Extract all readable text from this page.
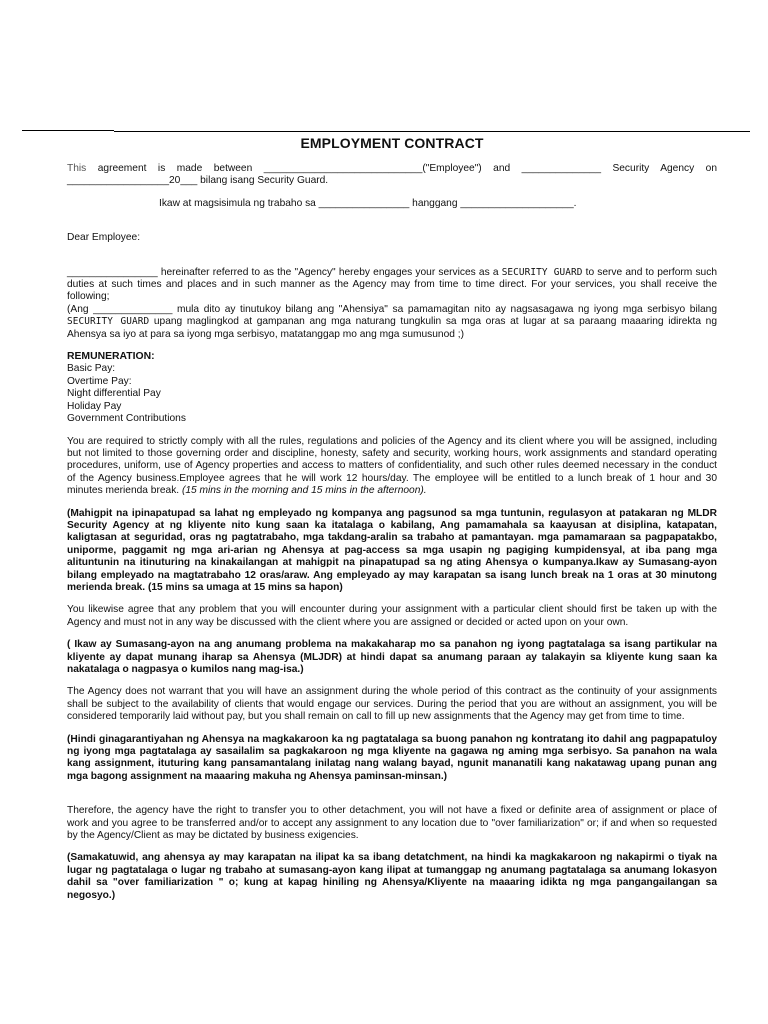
EMPLOYMENT CONTRACT

This agreement is made between ____________________________("Employee") and ______________ Security Agency on __________________20___ bilang isang Security Guard.

Ikaw at magsisimula ng trabaho sa ________________ hanggang ____________________.

Dear Employee:

________________ hereinafter referred to as the "Agency" hereby engages your services as a SECURITY GUARD to serve and to perform such duties at such times and places and in such manner as the Agency may from time to time direct. For your services, you shall receive the following;

(Ang ______________ mula dito ay tinutukoy bilang ang "Ahensiya" sa pamamagitan nito ay nagsasagawa ng iyong mga serbisyo bilang SECURITY GUARD upang maglingkod at gampanan ang mga naturang tungkulin sa mga oras at lugar at sa paraang maaaring idirekta ng Ahensya sa iyo at para sa iyong mga serbisyo, matatanggap mo ang mga sumusunod ;)

REMUNERATION:

Basic Pay:
Overtime Pay:
Night differential Pay
Holiday Pay
Government Contributions

You are required to strictly comply with all the rules, regulations and policies of the Agency and its client where you will be assigned, including but not limited to those governing order and discipline, honesty, safety and security, working hours, work assignments and standard operating procedures, uniform, use of Agency properties and access to matters of confidentiality, and such other rules deemed necessary in the conduct of the Agency business.Employee agrees that he will work 12 hours/day. The employee will be entitled to a lunch break of 1 hour and 30 minutes merienda break. (15 mins in the morning and 15 mins in the afternoon).

(Mahigpit na ipinapatupad sa lahat ng empleyado ng kompanya ang pagsunod sa mga tuntunin, regulasyon at patakaran ng MLDR Security Agency at ng kliyente nito kung saan ka itatalaga o kabilang, Ang pamamahala sa kaayusan at disiplina, katapatan, kaligtasan at seguridad, oras ng pagtatrabaho, mga takdang-aralin sa trabaho at pamantayan. mga pamamaraan sa pagpapatakbo, uniporme, paggamit ng mga ari-arian ng Ahensya at pag-access sa mga usapin ng pagiging kumpidensyal, at iba pang mga alituntunin na itinuturing na kinakailangan at mahigpit na pinapatupad sa ng ating Ahensya o kumpanya.Ikaw ay Sumasang-ayon bilang empleyado na magtatrabaho 12 oras/araw. Ang empleyado ay may karapatan sa isang lunch break na 1 oras at 30 minutong merienda break. (15 mins sa umaga at 15 mins sa hapon)

You likewise agree that any problem that you will encounter during your assignment with a particular client should first be taken up with the Agency and must not in any way be discussed with the client where you are assigned or decided or acted upon on your own.

( Ikaw ay Sumasang-ayon na ang anumang problema na makakaharap mo sa panahon ng iyong pagtatalaga sa isang partikular na kliyente ay dapat munang iharap sa Ahensya (MLJDR) at hindi dapat sa anumang paraan ay talakayin sa kliyente kung saan ka nakatalaga o nagpasya o kumilos nang mag-isa.)

The Agency does not warrant that you will have an assignment during the whole period of this contract as the continuity of your assignments shall be subject to the availability of clients that would engage our services. During the period that you are without an assignment, you will be considered temporarily laid without pay, but you shall remain on call to fill up new assignments that the Agency may get from time to time.

(Hindi ginagarantiyahan ng Ahensya na magkakaroon ka ng pagtatalaga sa buong panahon ng kontratang ito dahil ang pagpapatuloy ng iyong mga pagtatalaga ay sasailalim sa pagkakaroon ng mga kliyente na gagawa ng aming mga serbisyo. Sa panahon na wala kang assignment, ituturing kang pansamantalang inilatag nang walang bayad, ngunit mananatili kang nakatawag upang punan ang mga bagong assignment na maaaring makuha ng Ahensya paminsan-minsan.)

Therefore, the agency have the right to transfer you to other detachment, you will not have a fixed or definite area of assignment or place of work and you agree to be transferred and/or to accept any assignment to any location due to "over familiarization" or; if and when so requested by the Agency/Client as may be dictated by business exigencies.

(Samakatuwid, ang ahensya ay may karapatan na ilipat ka sa ibang detatchment, na hindi ka magkakaroon ng nakapirmi o tiyak na lugar ng pagtatalaga o lugar ng trabaho at sumasang-ayon kang ilipat at tumanggap ng anumang pagtatalaga sa anumang lokasyon dahil sa "over familiarization " o; kung at kapag hiniling ng Ahensya/Kliyente na maaaring idikta ng mga pangangailangan sa negosyo.)
